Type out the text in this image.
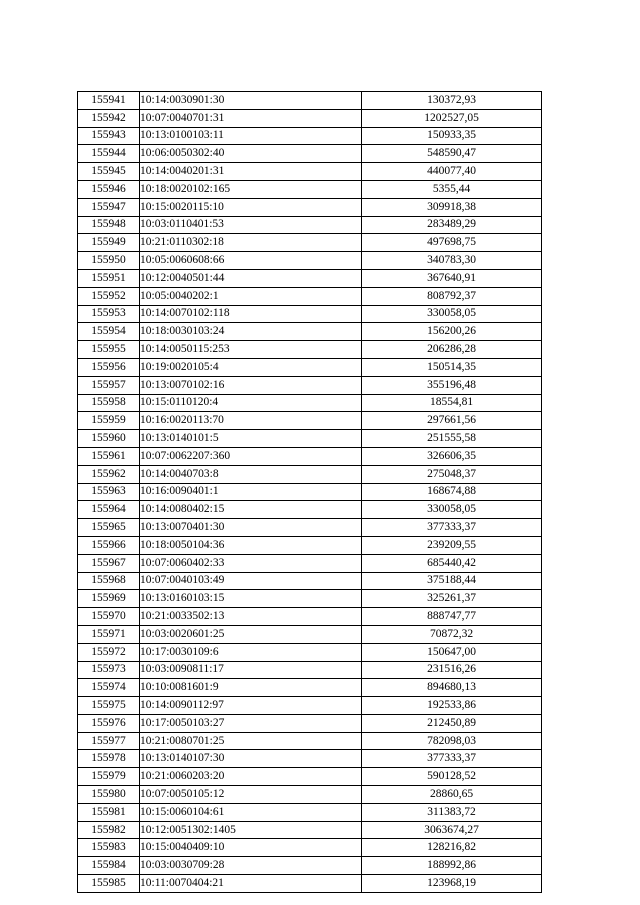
155941	10:14:0030901:30	130372,93
155942	10:07:0040701:31	1202527,05
155943	10:13:0100103:11	150933,35
155944	10:06:0050302:40	548590,47
155945	10:14:0040201:31	440077,40
155946	10:18:0020102:165	5355,44
155947	10:15:0020115:10	309918,38
155948	10:03:0110401:53	283489,29
155949	10:21:0110302:18	497698,75
155950	10:05:0060608:66	340783,30
155951	10:12:0040501:44	367640,91
155952	10:05:0040202:1	808792,37
155953	10:14:0070102:118	330058,05
155954	10:18:0030103:24	156200,26
155955	10:14:0050115:253	206286,28
155956	10:19:0020105:4	150514,35
155957	10:13:0070102:16	355196,48
155958	10:15:0110120:4	18554,81
155959	10:16:0020113:70	297661,56
155960	10:13:0140101:5	251555,58
155961	10:07:0062207:360	326606,35
155962	10:14:0040703:8	275048,37
155963	10:16:0090401:1	168674,88
155964	10:14:0080402:15	330058,05
155965	10:13:0070401:30	377333,37
155966	10:18:0050104:36	239209,55
155967	10:07:0060402:33	685440,42
155968	10:07:0040103:49	375188,44
155969	10:13:0160103:15	325261,37
155970	10:21:0033502:13	888747,77
155971	10:03:0020601:25	70872,32
155972	10:17:0030109:6	150647,00
155973	10:03:0090811:17	231516,26
155974	10:10:0081601:9	894680,13
155975	10:14:0090112:97	192533,86
155976	10:17:0050103:27	212450,89
155977	10:21:0080701:25	782098,03
155978	10:13:0140107:30	377333,37
155979	10:21:0060203:20	590128,52
155980	10:07:0050105:12	28860,65
155981	10:15:0060104:61	311383,72
155982	10:12:0051302:1405	3063674,27
155983	10:15:0040409:10	128216,82
155984	10:03:0030709:28	188992,86
155985	10:11:0070404:21	123968,19
